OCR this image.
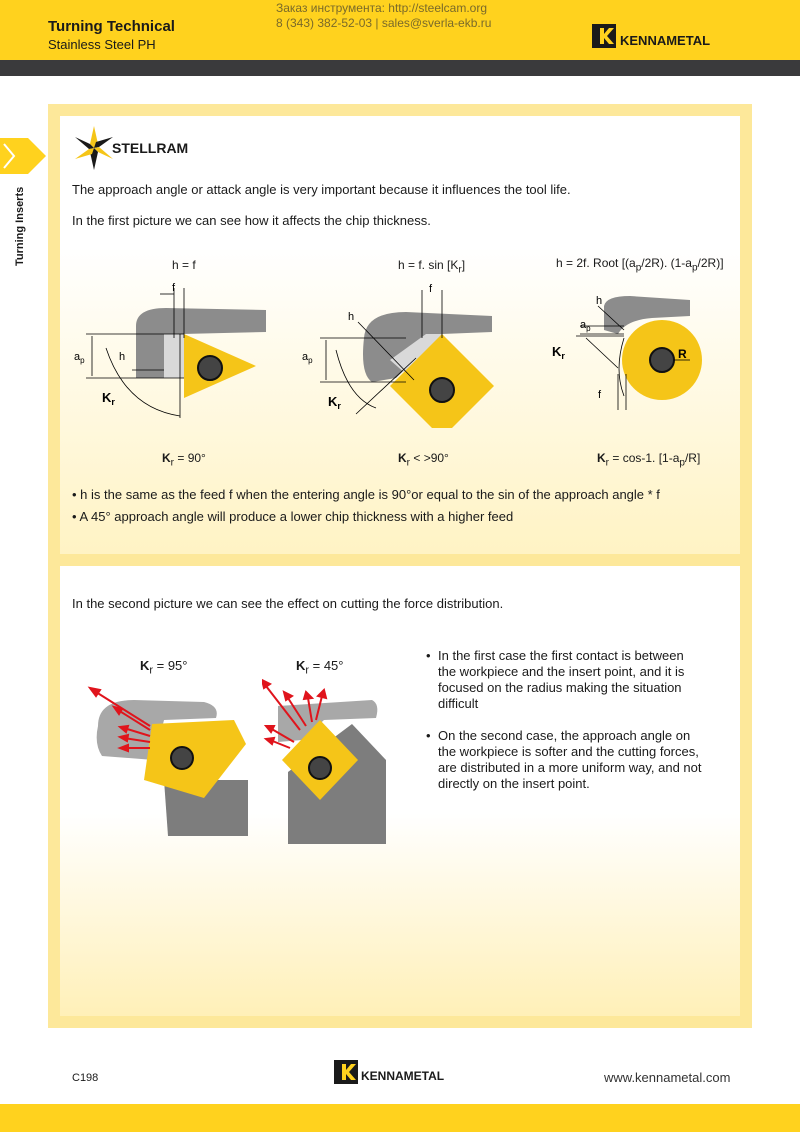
Turning Technical
Stainless Steel PH
Заказ инструмента: http://steelcam.org
8 (343) 382-52-03 | sales@sverla-ekb.ru
KENNAMETAL
Turning Inserts
STELLRAM
The approach angle or attack angle is very important because it influences the tool life.
In the first picture we can see how it affects the chip thickness.
h = f	h = f. $\sin [K_r]$	h = 2f. Root [$(a_p/2R)$. $(1-a_p/2R)$]
f
$a_p$	h
$K_r$
f
h
$a_p$
$K_r$
h
$a_p$
$K_r$	R
f
$K_r = 90^\circ$	$K_r < >90^\circ$	$K_r = \cos-1$. $[1-a_p/R]$
• h is the same as the feed f when the entering angle is 90°or equal to the sin of the approach angle * f
• A 45° approach angle will produce a lower chip thickness with a higher feed
In the second picture we can see the effect on cutting the force distribution.
$K_r = 95^\circ$	$K_r = 45^\circ$
• In the first case the first contact is between
the workpiece and the insert point, and it is
focused on the radius making the situation
difficult
• On the second case, the approach angle on
the workpiece is softer and the cutting forces,
are distributed in a more uniform way, and not
directly on the insert point.
C198	KENNAMETAL	www.kennametal.com
